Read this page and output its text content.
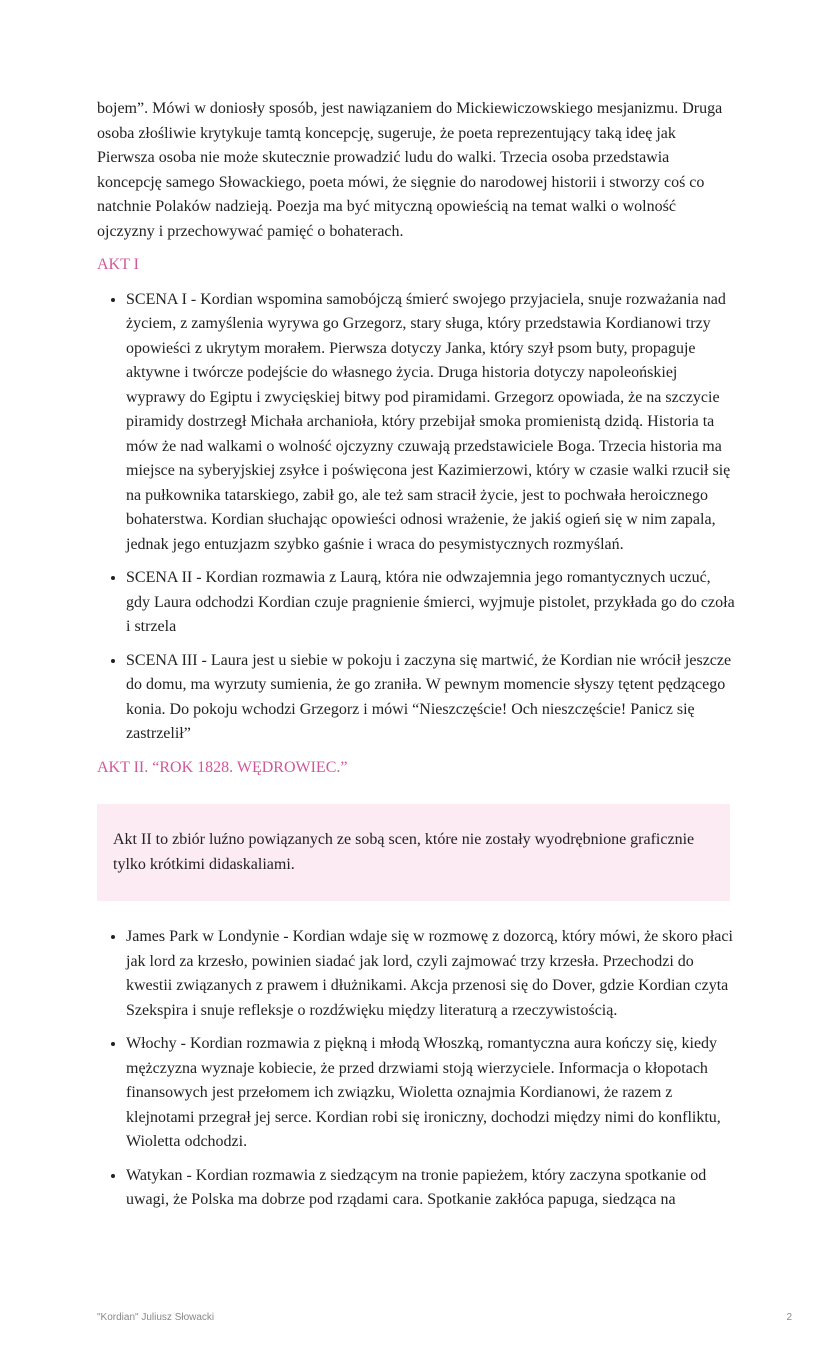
bojem”. Mówi w doniosły sposób, jest nawiązaniem do Mickiewiczowskiego mesjanizmu. Druga osoba złośliwie krytykuje tamtą koncepcję, sugeruje, że poeta reprezentujący taką ideę jak Pierwsza osoba nie może skutecznie prowadzić ludu do walki. Trzecia osoba przedstawia koncepcję samego Słowackiego, poeta mówi, że sięgnie do narodowej historii i stworzy coś co natchnie Polaków nadzieją. Poezja ma być mityczną opowieścią na temat walki o wolność ojczyzny i przechowywać pamięć o bohaterach.

AKT I

• SCENA I - Kordian wspomina samobójczą śmierć swojego przyjaciela, snuje rozważania nad życiem, z zamyślenia wyrywa go Grzegorz, stary sługa, który przedstawia Kordianowi trzy opowieści z ukrytym morałem. Pierwsza dotyczy Janka, który szył psom buty, propaguje aktywne i twórcze podejście do własnego życia. Druga historia dotyczy napoleońskiej wyprawy do Egiptu i zwycięskiej bitwy pod piramidami. Grzegorz opowiada, że na szczycie piramidy dostrzegł Michała archanioła, który przebijał smoka promienistą dzidą. Historia ta mów że nad walkami o wolność ojczyzny czuwają przedstawiciele Boga. Trzecia historia ma miejsce na syberyjskiej zsyłce i poświęcona jest Kazimierzowi, który w czasie walki rzucił się na pułkownika tatarskiego, zabił go, ale też sam stracił życie, jest to pochwała heroicznego bohaterstwa. Kordian słuchając opowieści odnosi wrażenie, że jakiś ogień się w nim zapala, jednak jego entuzjazm szybko gaśnie i wraca do pesymistycznych rozmyślań.
• SCENA II - Kordian rozmawia z Laurą, która nie odwzajemnia jego romantycznych uczuć, gdy Laura odchodzi Kordian czuje pragnienie śmierci, wyjmuje pistolet, przykłada go do czoła i strzela
• SCENA III - Laura jest u siebie w pokoju i zaczyna się martwić, że Kordian nie wrócił jeszcze do domu, ma wyrzuty sumienia, że go zraniła. W pewnym momencie słyszy tętent pędzącego konia. Do pokoju wchodzi Grzegorz i mówi “Nieszczęście! Och nieszczęście! Panicz się zastrzelił”

AKT II. “ROK 1828. WĘDROWIEC.”

Akt II to zbiór luźno powiązanych ze sobą scen, które nie zostały wyodrębnione graficznie tylko krótkimi didaskaliami.

• James Park w Londynie - Kordian wdaje się w rozmowę z dozorcą, który mówi, że skoro płaci jak lord za krzesło, powinien siadać jak lord, czyli zajmować trzy krzesła. Przechodzi do kwestii związanych z prawem i dłużnikami. Akcja przenosi się do Dover, gdzie Kordian czyta Szekspira i snuje refleksje o rozdźwięku między literaturą a rzeczywistością.
• Włochy - Kordian rozmawia z piękną i młodą Włoszką, romantyczna aura kończy się, kiedy mężczyzna wyznaje kobiecie, że przed drzwiami stoją wierzyciele. Informacja o kłopotach finansowych jest przełomem ich związku, Wioletta oznajmia Kordianowi, że razem z klejnotami przegrał jej serce. Kordian robi się ironiczny, dochodzi między nimi do konfliktu, Wioletta odchodzi.
• Watykan - Kordian rozmawia z siedzącym na tronie papieżem, który zaczyna spotkanie od uwagi, że Polska ma dobrze pod rządami cara. Spotkanie zakłóca papuga, siedząca na
"Kordian" Juliusz Słowacki	2
